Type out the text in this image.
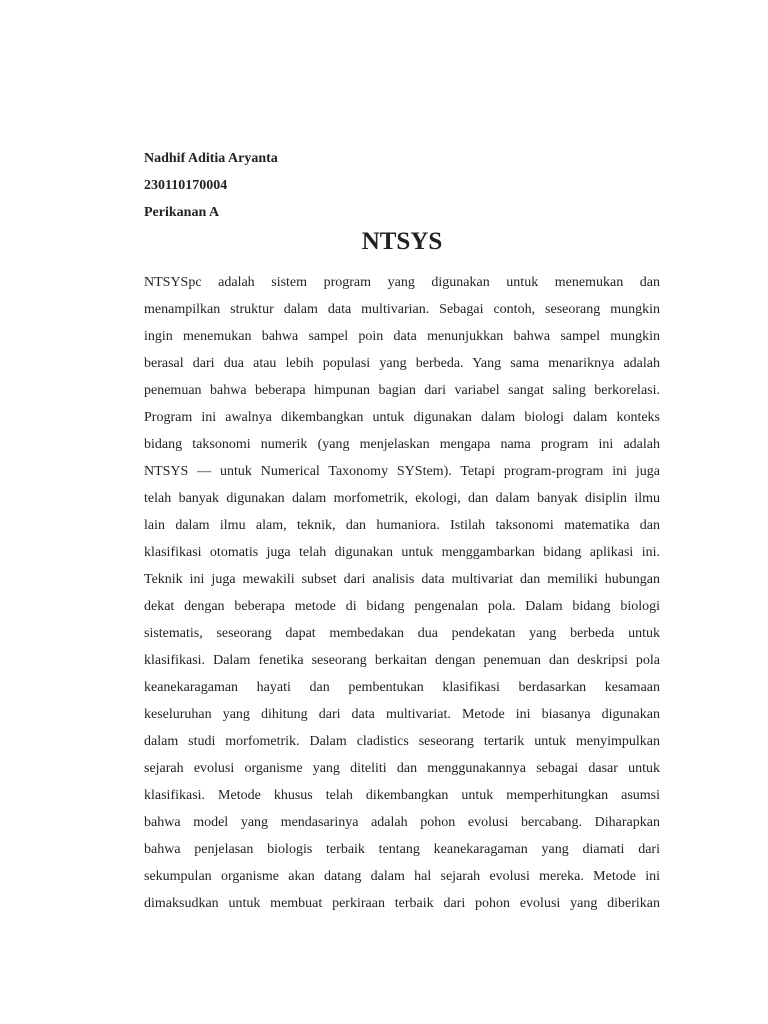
Nadhif Aditia Aryanta
230110170004
Perikanan A
NTSYS
NTSYSpc adalah sistem program yang digunakan untuk menemukan dan
menampilkan struktur dalam data multivarian. Sebagai contoh, seseorang mungkin
ingin menemukan bahwa sampel poin data menunjukkan bahwa sampel mungkin
berasal dari dua atau lebih populasi yang berbeda. Yang sama menariknya adalah
penemuan bahwa beberapa himpunan bagian dari variabel sangat saling berkorelasi.
Program ini awalnya dikembangkan untuk digunakan dalam biologi dalam konteks
bidang taksonomi numerik (yang menjelaskan mengapa nama program ini adalah
NTSYS — untuk Numerical Taxonomy SYStem). Tetapi program-program ini juga
telah banyak digunakan dalam morfometrik, ekologi, dan dalam banyak disiplin ilmu
lain dalam ilmu alam, teknik, dan humaniora. Istilah taksonomi matematika dan
klasifikasi otomatis juga telah digunakan untuk menggambarkan bidang aplikasi ini.
Teknik ini juga mewakili subset dari analisis data multivariat dan memiliki hubungan
dekat dengan beberapa metode di bidang pengenalan pola. Dalam bidang biologi
sistematis, seseorang dapat membedakan dua pendekatan yang berbeda untuk
klasifikasi. Dalam fenetika seseorang berkaitan dengan penemuan dan deskripsi pola
keanekaragaman hayati dan pembentukan klasifikasi berdasarkan kesamaan
keseluruhan yang dihitung dari data multivariat. Metode ini biasanya digunakan
dalam studi morfometrik. Dalam cladistics seseorang tertarik untuk menyimpulkan
sejarah evolusi organisme yang diteliti dan menggunakannya sebagai dasar untuk
klasifikasi. Metode khusus telah dikembangkan untuk memperhitungkan asumsi
bahwa model yang mendasarinya adalah pohon evolusi bercabang. Diharapkan
bahwa penjelasan biologis terbaik tentang keanekaragaman yang diamati dari
sekumpulan organisme akan datang dalam hal sejarah evolusi mereka. Metode ini
dimaksudkan untuk membuat perkiraan terbaik dari pohon evolusi yang diberikan
